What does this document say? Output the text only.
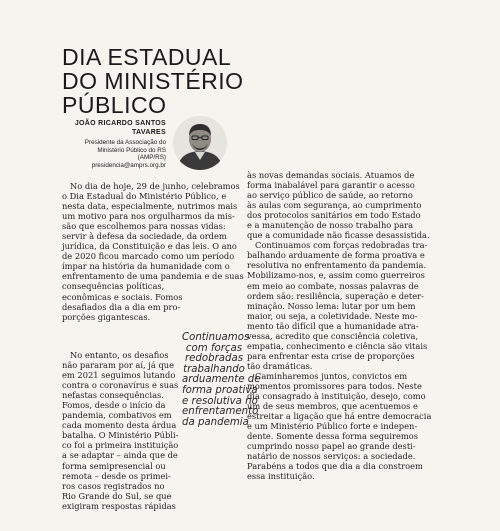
DIA ESTADUAL
DO MINISTÉRIO
PÚBLICO
JOÃO RICARDO SANTOS
TAVARES
Presidente da Associação do
Ministério Público do RS (AMP/RS)
presidencia@amprs.org.br
No dia de hoje, 29 de junho, celebramos
o Dia Estadual do Ministério Público, e
nesta data, especialmente, nutrimos mais
um motivo para nos orgulharmos da mis-
são que escolhemos para nossas vidas:
servir à defesa da sociedade, da ordem
jurídica, da Constituição e das leis. O ano
de 2020 ficou marcado como um período
ímpar na história da humanidade com o
enfrentamento de uma pandemia e de suas
consequências políticas,
econômicas e sociais. Fomos
desafiados dia a dia em pro-
porções gigantescas.
No entanto, os desafios
não pararam por aí, já que
em 2021 seguimos lutando
contra o coronavírus e suas
nefastas consequências.
Fomos, desde o início da
pandemia, combativos em
cada momento desta árdua
batalha. O Ministério Públi-
co foi a primeira instituição
a se adaptar – ainda que de
forma semipresencial ou
remota – desde os primei-
ros casos registrados no
Rio Grande do Sul, se que
exigiram respostas rápidas
Continuamos
com forças
redobradas
trabalhando
arduamente de
forma proativa
e resolutiva no
enfrentamento
da pandemia
às novas demandas sociais. Atuamos de
forma inabalável para garantir o acesso
ao serviço público de saúde, ao retorno
às aulas com segurança, ao cumprimento
dos protocolos sanitários em todo Estado
e a manutenção de nosso trabalho para
que a comunidade não ficasse desassistida.
Continuamos com forças redobradas tra-
balhando arduamente de forma proativa e
resolutiva no enfrentamento da pandemia.
Mobilizamo-nos, e, assim como guerreiros
em meio ao combate, nossas palavras de
ordem são: resiliência, superação e deter-
minação. Nosso lema: lutar por um bem
maior, ou seja, a coletividade. Neste mo-
mento tão difícil que a humanidade atra-
vessa, acredito que consciência coletiva,
empatia, conhecimento e ciência são vitais
para enfrentar esta crise de proporções
tão dramáticas.
Caminharemos juntos, convictos em
momentos promissores para todos. Neste
dia consagrado à instituição, desejo, como
um de seus membros, que acentuemos e
estreitar a ligação que há entre democracia
e um Ministério Público forte e indepen-
dente. Somente dessa forma seguiremos
cumprindo nosso papel ao grande desti-
natário de nossos serviços: a sociedade.
Parabéns a todos que dia a dia constroem
essa instituição.
